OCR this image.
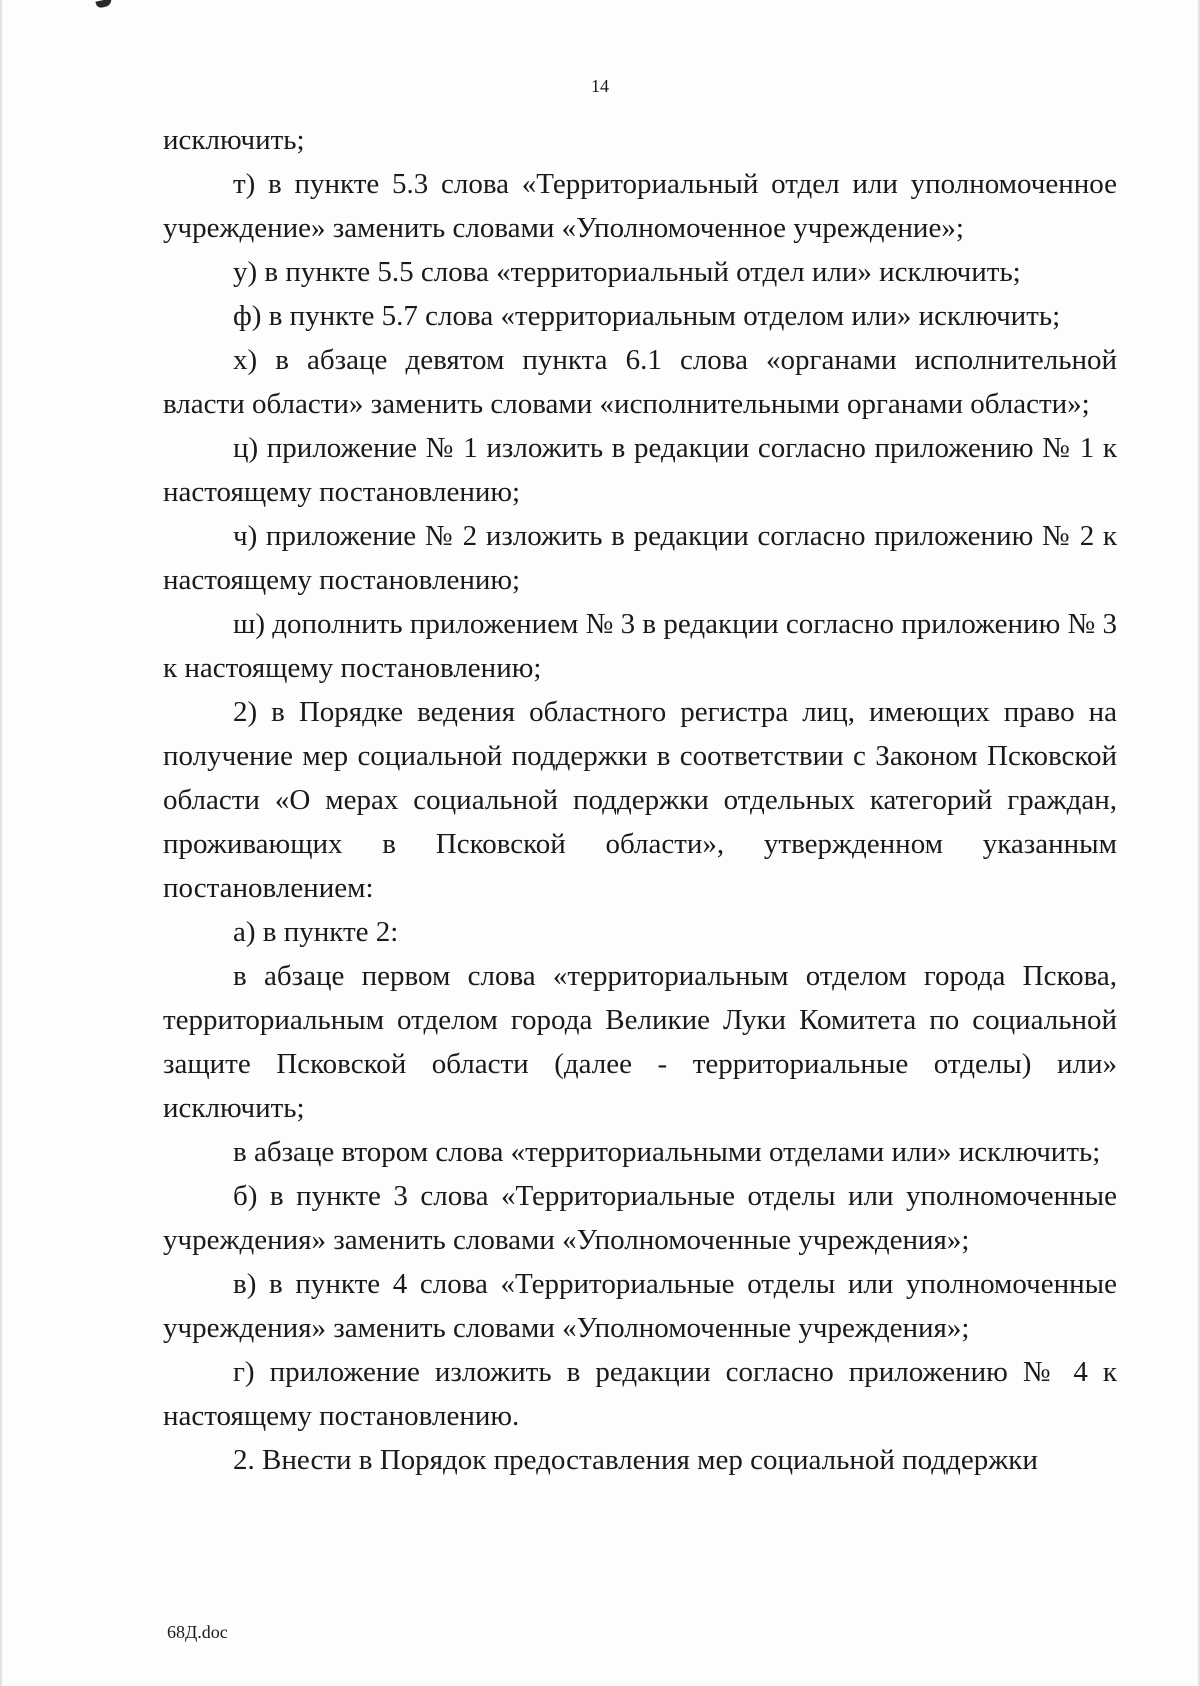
14

исключить;

т) в пункте 5.3 слова «Территориальный отдел или уполномоченное учреждение» заменить словами «Уполномоченное учреждение»;

у) в пункте 5.5 слова «территориальный отдел или» исключить;

ф) в пункте 5.7 слова «территориальным отделом или» исключить;

х) в абзаце девятом пункта 6.1 слова «органами исполнительной власти области» заменить словами «исполнительными органами области»;

ц) приложение № 1 изложить в редакции согласно приложению № 1 к настоящему постановлению;

ч) приложение № 2 изложить в редакции согласно приложению № 2 к настоящему постановлению;

ш) дополнить приложением № 3 в редакции согласно приложению № 3 к настоящему постановлению;

2) в Порядке ведения областного регистра лиц, имеющих право на получение мер социальной поддержки в соответствии с Законом Псковской области «О мерах социальной поддержки отдельных категорий граждан, проживающих в Псковской области», утвержденном указанным постановлением:

а) в пункте 2:

в абзаце первом слова «территориальным отделом города Пскова, территориальным отделом города Великие Луки Комитета по социальной защите Псковской области (далее - территориальные отделы) или» исключить;

в абзаце втором слова «территориальными отделами или» исключить;

б) в пункте 3 слова «Территориальные отделы или уполномоченные учреждения» заменить словами «Уполномоченные учреждения»;

в) в пункте 4 слова «Территориальные отделы или уполномоченные учреждения» заменить словами «Уполномоченные учреждения»;

г) приложение изложить в редакции согласно приложению № 4 к настоящему постановлению.

2. Внести в Порядок предоставления мер социальной поддержки

68Д.doc
